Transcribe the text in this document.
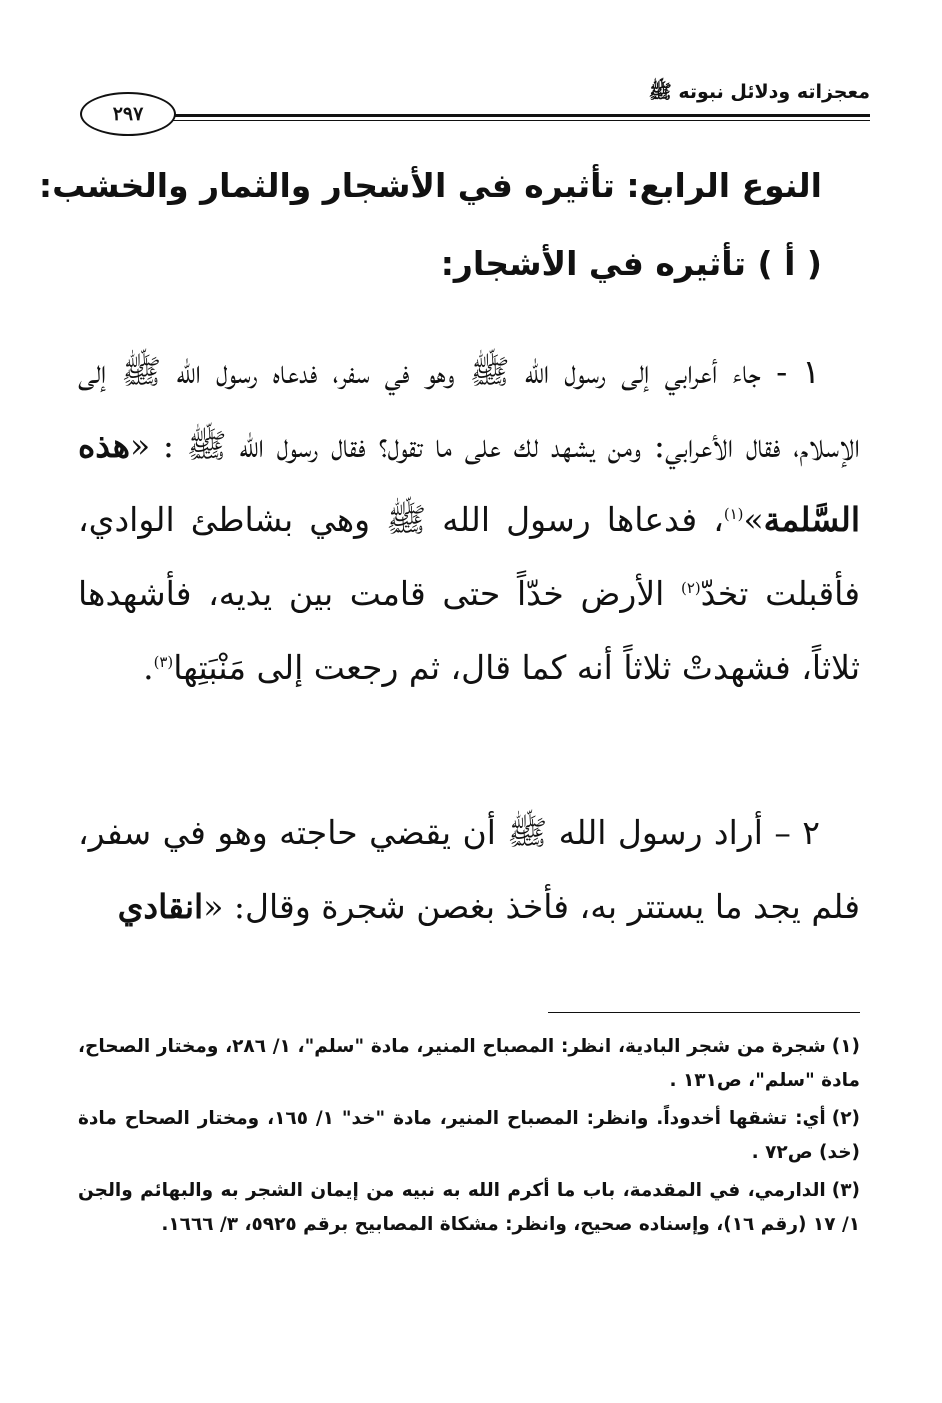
معجزاته ودلائل نبوته ﷺ
٢٩٧
النوع الرابع: تأثيره في الأشجار والثمار والخشب:
( أ ) تأثيره في الأشجار:

١ - جاء أعرابي إلى رسول الله ﷺ وهو في سفر، فدعاه رسول الله ﷺ إلى الإسلام، فقال الأعرابي: ومن يشهد لك على ما تقول؟ فقال رسول الله ﷺ : «هذه السَّلمة»$^{(١)}$، فدعاها رسول الله ﷺ وهي بشاطئ الوادي، فأقبلت تخدّ$^{(٢)}$ الأرض خدّاً حتى قامت بين يديه، فأشهدها ثلاثاً، فشهدتْ ثلاثاً أنه كما قال، ثم رجعت إلى مَنْبَتِها$^{(٣)}$.

٢ – أراد رسول الله ﷺ أن يقضي حاجته وهو في سفر، فلم يجد ما يستتر به، فأخذ بغصن شجرة وقال: «انقادي

(١)شجرة من شجر البادية، انظر: المصباح المنير، مادة "سلم"، ١/ ٢٨٦، ومختار الصحاح، مادة "سلم"، ص١٣١ .

(٢)أي: تشقها أخدوداً. وانظر: المصباح المنير، مادة "خد" ١/ ١٦٥، ومختار الصحاح مادة (خد) ص٧٢ .

(٣)الدارمي، في المقدمة، باب ما أكرم الله به نبيه من إيمان الشجر به والبهائم والجن ١/ ١٧ (رقم ١٦)، وإسناده صحيح، وانظر: مشكاة المصابيح برقم ٥٩٢٥، ٣/ ١٦٦٦.
